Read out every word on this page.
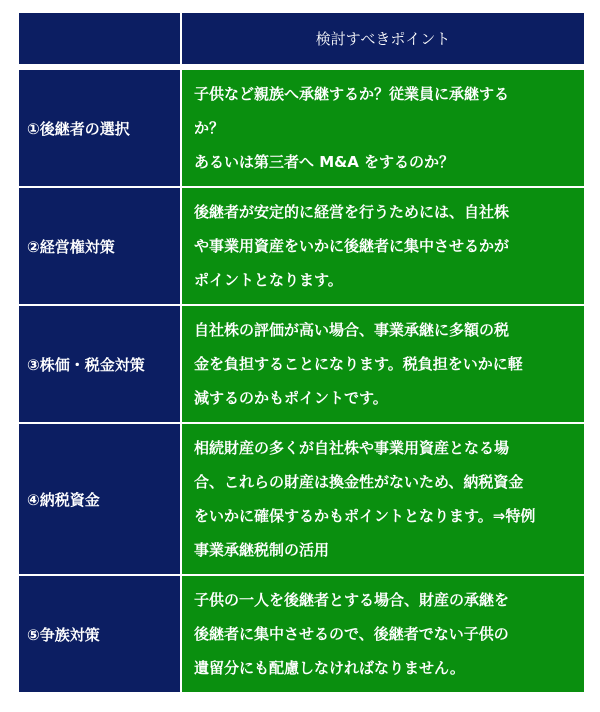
	検討すべきポイント

①後継者の選択	子供など親族へ承継するか？従業員に承継する
か？
あるいは第三者へ M&A をするのか？

②経営権対策	後継者が安定的に経営を行うためには、自社株
や事業用資産をいかに後継者に集中させるかが
ポイントとなります。

③株価・税金対策	自社株の評価が高い場合、事業承継に多額の税
金を負担することになります。税負担をいかに軽
減するのかもポイントです。

④納税資金	相続財産の多くが自社株や事業用資産となる場
合、これらの財産は換金性がないため、納税資金
をいかに確保するかもポイントとなります。⇒特例
事業承継税制の活用

⑤争族対策	子供の一人を後継者とする場合、財産の承継を
後継者に集中させるので、後継者でない子供の
遺留分にも配慮しなければなりません。
